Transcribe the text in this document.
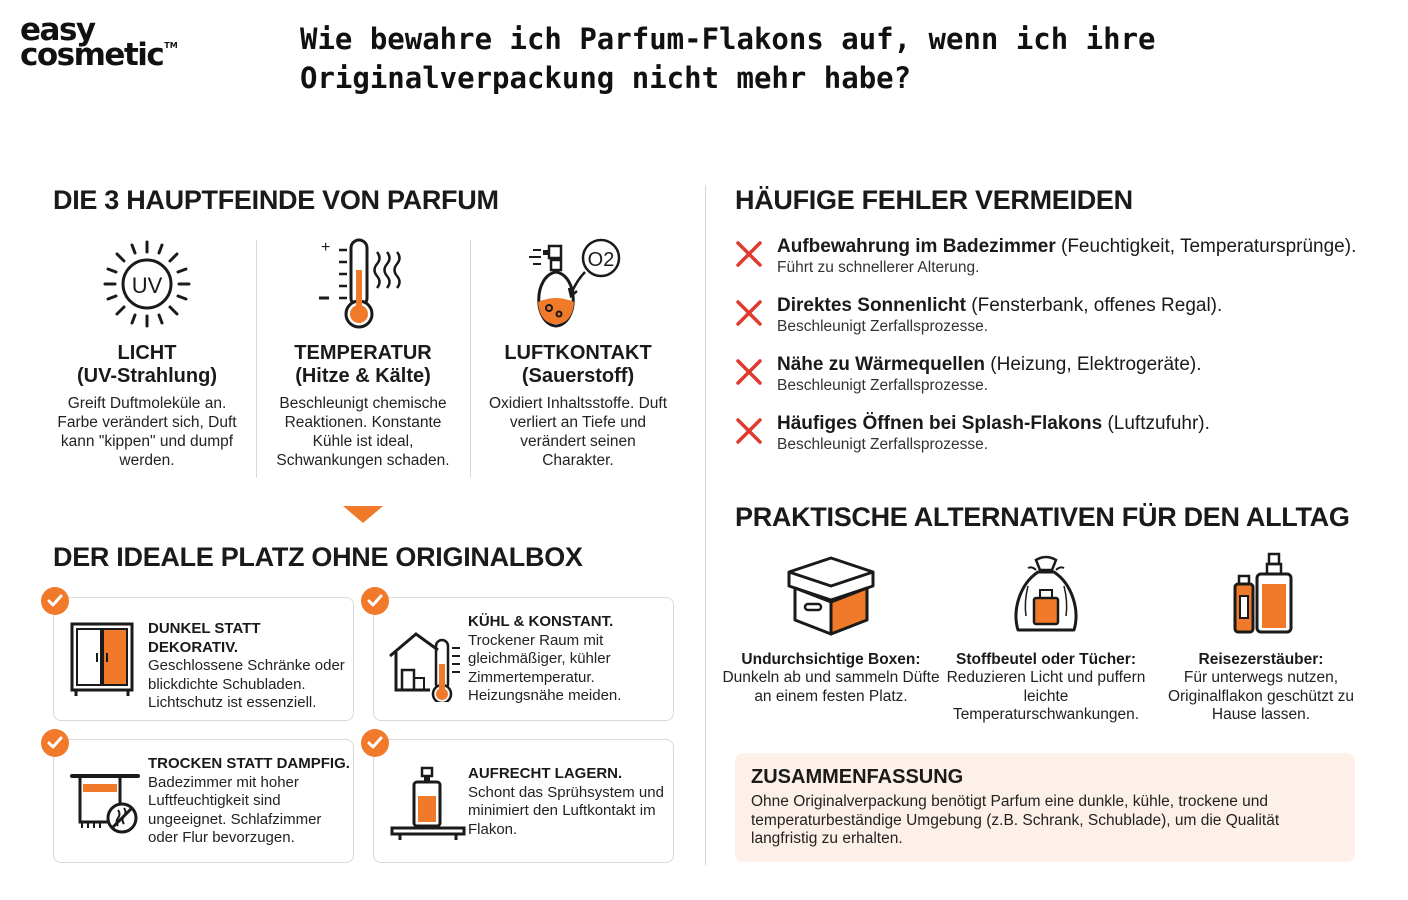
easy
cosmetic™	Wie bewahre ich Parfum-Flakons auf, wenn ich ihre Originalverpackung nicht mehr habe?
DIE 3 HAUPTFEINDE VON PARFUM
UV
LICHT
(UV-Strahlung)
Greift Duftmoleküle an. Farbe verändert sich, Duft kann "kippen" und dumpf werden.
+
TEMPERATUR
(Hitze & Kälte)
Beschleunigt chemische Reaktionen. Konstante Kühle ist ideal, Schwankungen schaden.
O2
LUFTKONTAKT
(Sauerstoff)
Oxidiert Inhaltsstoffe. Duft verliert an Tiefe und verändert seinen Charakter.
DER IDEALE PLATZ OHNE ORIGINALBOX
DUNKEL STATT DEKORATIV.
Geschlossene Schränke oder blickdichte Schubladen. Lichtschutz ist essenziell.
KÜHL & KONSTANT.
Trockener Raum mit gleichmäßiger, kühler Zimmertemperatur. Heizungsnähe meiden.
TROCKEN STATT DAMPFIG.
Badezimmer mit hoher Luftfeuchtigkeit sind ungeeignet. Schlafzimmer oder Flur bevorzugen.
AUFRECHT LAGERN.
Schont das Sprühsystem und minimiert den Luftkontakt im Flakon.
HÄUFIGE FEHLER VERMEIDEN
Aufbewahrung im Badezimmer (Feuchtigkeit, Temperatursprünge).
Führt zu schnellerer Alterung.
Direktes Sonnenlicht (Fensterbank, offenes Regal).
Beschleunigt Zerfallsprozesse.
Nähe zu Wärmequellen (Heizung, Elektrogeräte).
Beschleunigt Zerfallsprozesse.
Häufiges Öffnen bei Splash-Flakons (Luftzufuhr).
Beschleunigt Zerfallsprozesse.
PRAKTISCHE ALTERNATIVEN FÜR DEN ALLTAG
Undurchsichtige Boxen:
Dunkeln ab und sammeln Düfte an einem festen Platz.
Stoffbeutel oder Tücher:
Reduzieren Licht und puffern leichte Temperaturschwankungen.
Reisezerstäuber:
Für unterwegs nutzen, Originalflakon geschützt zu Hause lassen.
ZUSAMMENFASSUNG
Ohne Originalverpackung benötigt Parfum eine dunkle, kühle, trockene und temperaturbeständige Umgebung (z.B. Schrank, Schublade), um die Qualität langfristig zu erhalten.
